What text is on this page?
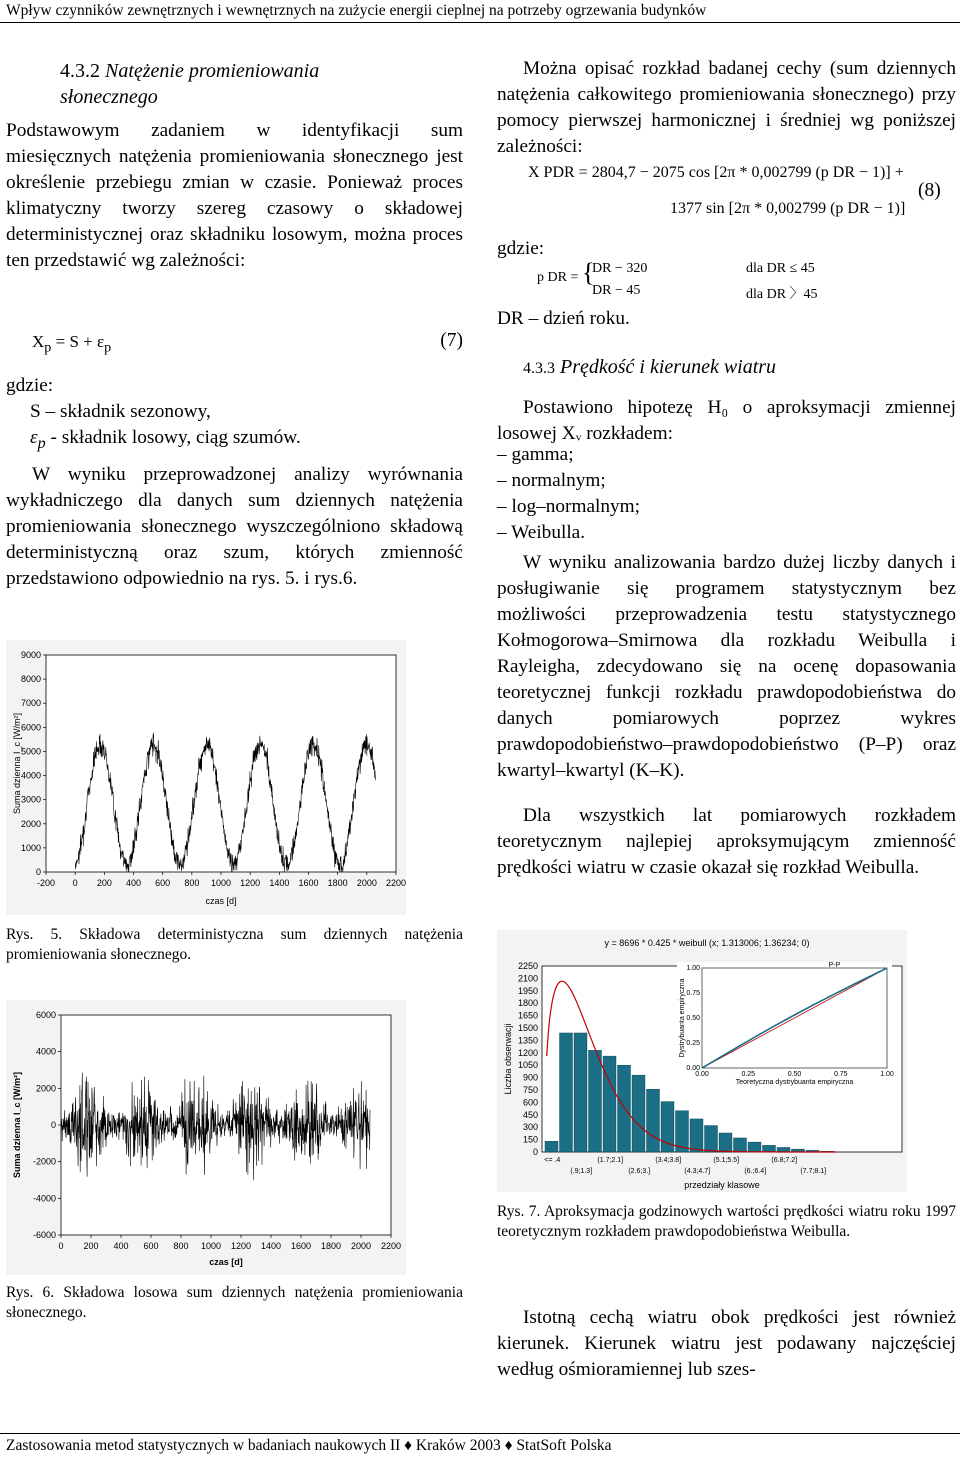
Wpływ czynników zewnętrznych i wewnętrznych na zużycie energii cieplnej na potrzeby ogrzewania budynków
4.3.2 Natężenie promieniowania
słonecznego

Podstawowym zadaniem w identyfikacji sum miesięcznych natężenia promieniowania słonecznego jest określenie przebiegu zmian w czasie. Ponieważ proces klimatyczny tworzy szereg czasowy o składowej deterministycznej oraz składniku losowym, można proces ten przedstawić wg zależności:

$X_p = S + \varepsilon_p$	(7)

gdzie:

S – składnik sezonowy,

$\varepsilon_p$ - składnik losowy, ciąg szumów.

W wyniku przeprowadzonej analizy wyrównania wykładniczego dla danych sum dziennych natężenia promieniowania słonecznego wyszczególniono składową deterministyczną oraz szum, których zmienność przedstawiono odpowiednio na rys. 5. i rys.6.

0
1000
2000
3000
4000
5000
6000
7000
8000
9000
-200 0 200 400 600 800 1000 1200 1400 1600 1800 2000 2200
czas [d]
Suma dzienna I_c [W/m²]
Rys. 5. Składowa deterministyczna sum dziennych natężenia promieniowania słonecznego.
-6000
-4000
-2000
0
2000
4000
6000
0 200 400 600 800 1000 1200 1400 1600 1800 2000 2200
czas [d]
Suma dzienna I_c [W/m²]
Rys. 6. Składowa losowa sum dziennych natężenia promieniowania słonecznego.

Można opisać rozkład badanej cechy (sum dziennych natężenia całkowitego promieniowania słonecznego) przy pomocy pierwszej harmonicznej i średniej wg poniższej zależności:

X PDR = 2804,7 − 2075 cos [2π * 0,002799 (p DR − 1)] +
1377 sin [2π * 0,002799 (p DR − 1)]
(8)
gdzie:
p DR = {
DR − 320	dla DR ≤ 45
DR − 45	dla DR 〉45
DR – dzień roku.
4.3.3 Prędkość i kierunek wiatru

Postawiono hipotezę H₀ o aproksymacji zmiennej losowej Xᵥ rozkładem:

– gamma;

– normalnym;

– log–normalnym;

– Weibulla.

W wyniku analizowania bardzo dużej liczby danych i posługiwanie się programem statystycznym bez możliwości przeprowadzenia testu statystycznego Kołmogorowa–Smirnowa dla rozkładu Weibulla i Rayleigha, zdecydowano się na ocenę dopasowania teoretycznej funkcji rozkładu prawdopodobieństwa do danych pomiarowych poprzez wykres prawdopodobieństwo–prawdopodobieństwo (P–P) oraz kwartyl–kwartyl (K–K).

Dla wszystkich lat pomiarowych rozkładem teoretycznym najlepiej aproksymującym zmienność prędkości wiatru w czasie okazał się rozkład Weibulla.

y = 8696 * 0.425 * weibull (x; 1.313006; 1.36234; 0)
0
150
300
450
600
750
900
1050
1200
1350
1500
1650
1800
1950
2100
2250
Liczba obserwacji
<= .4	(1.7;2.1]	(3.4;3.8]	(5.1;5.5]	(6.8;7.2]
(.9;1.3]	(2.6;3.]	(4.3;4.7]	(6.;6.4]	(7.7;8.1]
przedziały klasowe
P-P
0.00	0.25	0.50	0.75	1.00
0.00
0.25
0.50
0.75
1.00
Teoretyczna dystrybuanta empiryczna
Dystrybuanta empiryczna
Rys. 7. Aproksymacja godzinowych wartości prędkości wiatru roku 1997 teoretycznym rozkładem prawdopodobieństwa Weibulla.

Istotną cechą wiatru obok prędkości jest również kierunek. Kierunek wiatru jest podawany najczęściej według ośmioramiennej lub szes-

Zastosowania metod statystycznych w badaniach naukowych II ♦ Kraków 2003 ♦ StatSoft Polska
